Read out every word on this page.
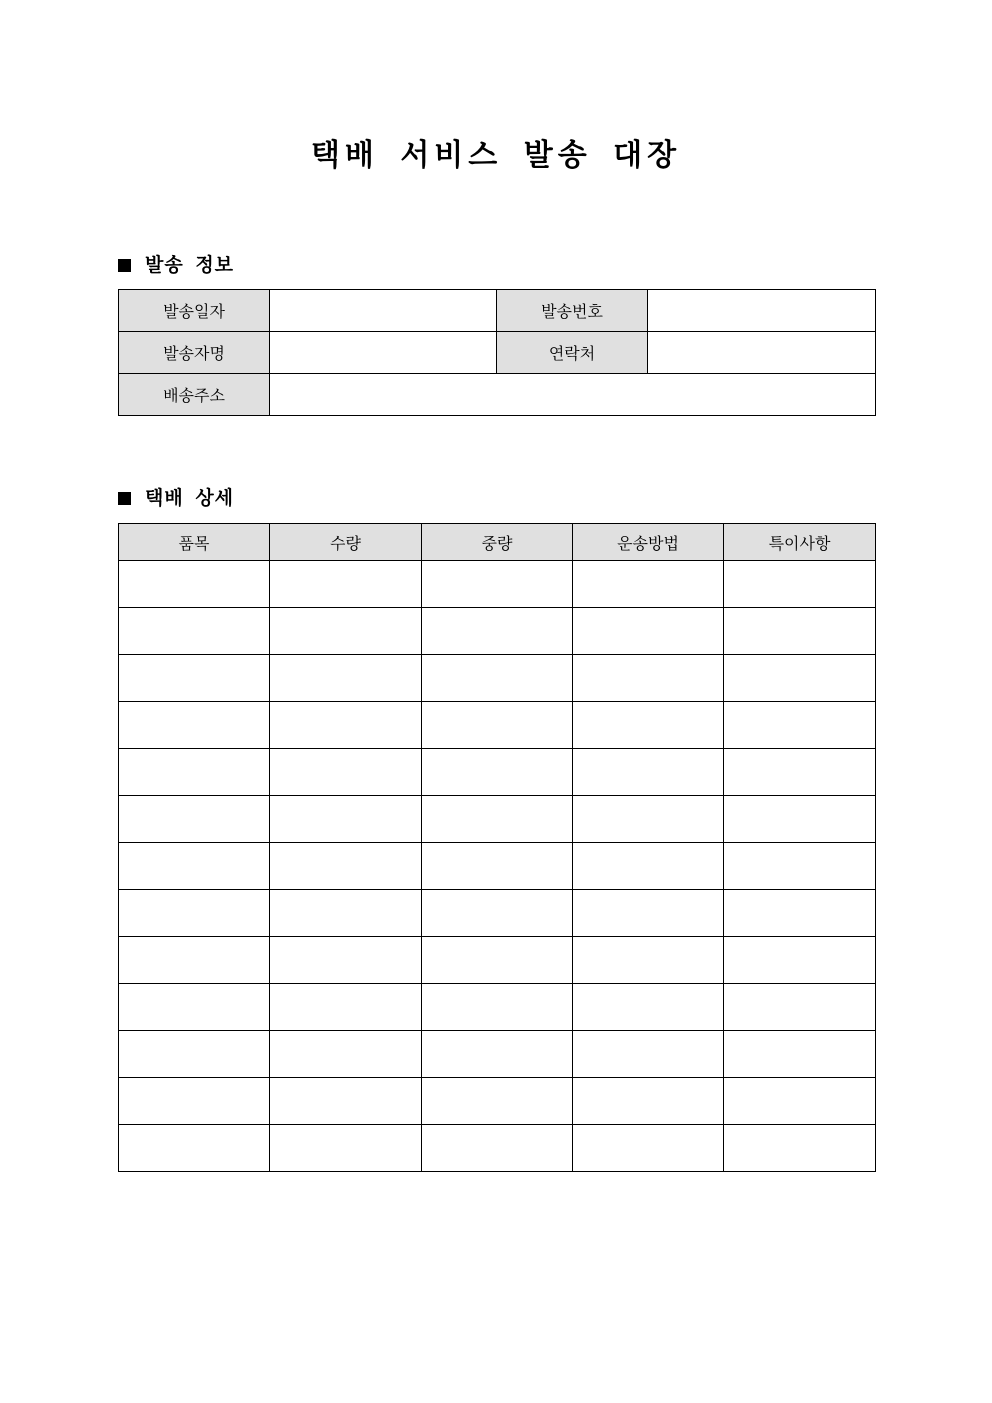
택배 서비스 발송 대장
발송 정보
발송일자		발송번호	
발송자명		연락처	
배송주소			
택배 상세
품목	수량	중량	운송방법	특이사항
